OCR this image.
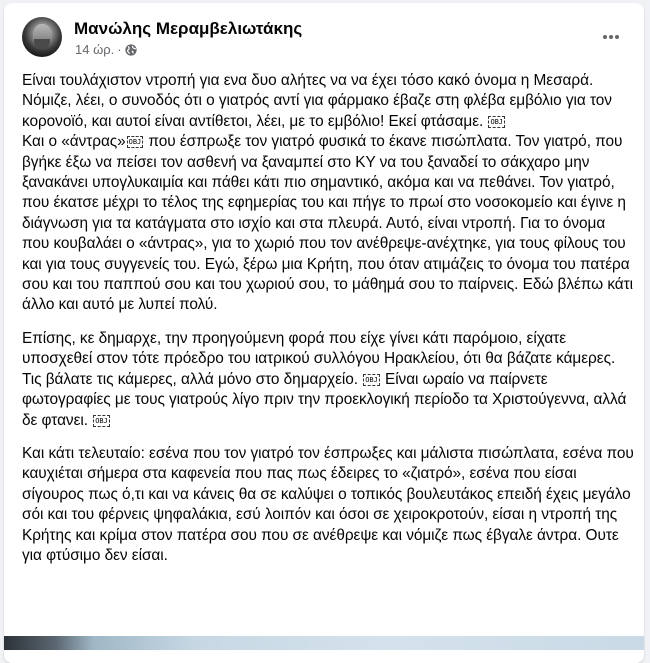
Μανώλης Μεραμβελιωτάκης
14 ώρ. ·

Είναι τουλάχιστον ντροπή για ενα δυο αλήτες να να έχει τόσο κακό όνομα η Μεσαρά. Νόμιζε, λέει, ο συνοδός ότι ο γιατρός αντί για φάρμακο έβαζε στη φλέβα εμβόλιο για τον κορονοϊό, και αυτοί είναι αντίθετοι, λέει, με το εμβόλιο! Εκεί φτάσαμε. OBJ
Και ο «άντρας» OBJ που έσπρωξε τον γιατρό φυσικά το έκανε πισώπλατα. Τον γιατρό, που βγήκε έξω να πείσει τον ασθενή να ξαναμπεί στο ΚΥ να του ξαναδεί το σάκχαρο μην ξανακάνει υπογλυκαιμία και πάθει κάτι πιο σημαντικό, ακόμα και να πεθάνει. Τον γιατρό, που έκατσε μέχρι το τέλος της εφημερίας του και πήγε το πρωί στο νοσοκομείο και έγινε η διάγνωση για τα κατάγματα στο ισχίο και στα πλευρά. Αυτό, είναι ντροπή. Για το όνομα που κουβαλάει ο «άντρας», για το χωριό που τον ανέθρεψε-ανέχτηκε, για τους φίλους του και για τους συγγενείς του. Εγώ, ξέρω μια Κρήτη, που όταν ατιμάζεις το όνομα του πατέρα σου και του παππού σου και του χωριού σου, το μάθημά σου το παίρνεις. Εδώ βλέπω κάτι άλλο και αυτό με λυπεί πολύ.

Επίσης, κε δημαρχε, την προηγούμενη φορά που είχε γίνει κάτι παρόμοιο, είχατε υποσχεθεί στον τότε πρόεδρο του ιατρικού συλλόγου Ηρακλείου, ότι θα βάζατε κάμερες. Τις βάλατε τις κάμερες, αλλά μόνο στο δημαρχείο. OBJ Είναι ωραίο να παίρνετε φωτογραφίες με τους γιατρούς λίγο πριν την προεκλογική περίοδο τα Χριστούγεννα, αλλά δε φτανει. OBJ

Και κάτι τελευταίο: εσένα που τον γιατρό τον έσπρωξες και μάλιστα πισώπλατα, εσένα που καυχιέται σήμερα στα καφενεία που πας πως έδειρες το «ζιατρό», εσένα που είσαι σίγουρος πως ό,τι και να κάνεις θα σε καλύψει ο τοπικός βουλευτάκος επειδή έχεις μεγάλο σόι και του φέρνεις ψηφαλάκια, εσύ λοιπόν και όσοι σε χειροκροτούν, είσαι η ντροπή της Κρήτης και κρίμα στον πατέρα σου που σε ανέθρεψε και νόμιζε πως έβγαλε άντρα. Ουτε για φτύσιμο δεν είσαι.
